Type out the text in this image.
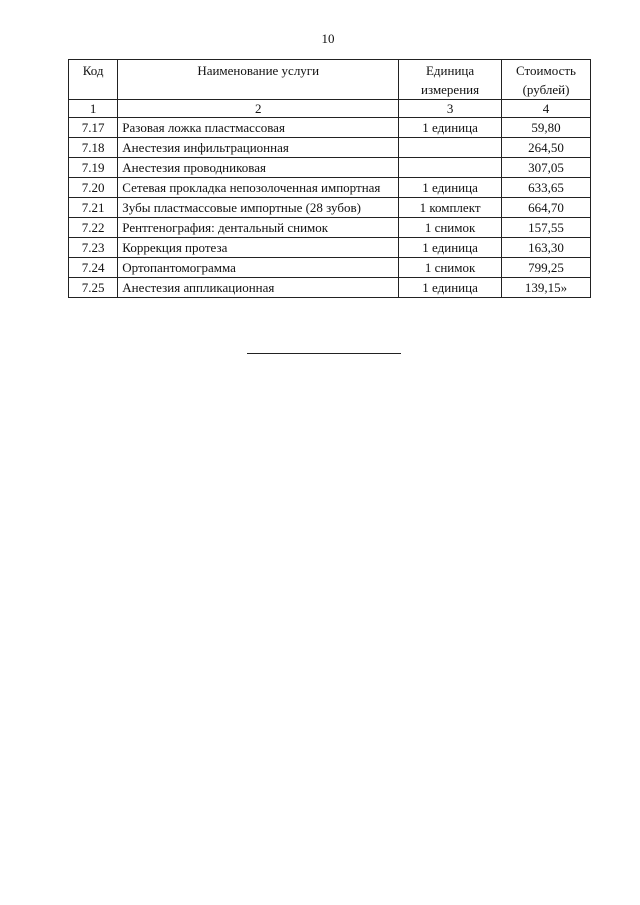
10
Код	Наименование услуги	Единица измерения	Стоимость (рублей)
1	2	3	4
7.17	Разовая ложка пластмассовая	1 единица	59,80
7.18	Анестезия инфильтрационная		264,50
7.19	Анестезия проводниковая		307,05
7.20	Сетевая прокладка непозолоченная импортная	1 единица	633,65
7.21	Зубы пластмассовые импортные (28 зубов)	1 комплект	664,70
7.22	Рентгенография: дентальный снимок	1 снимок	157,55
7.23	Коррекция протеза	1 единица	163,30
7.24	Ортопантомограмма	1 снимок	799,25
7.25	Анестезия аппликационная	1 единица	139,15»
